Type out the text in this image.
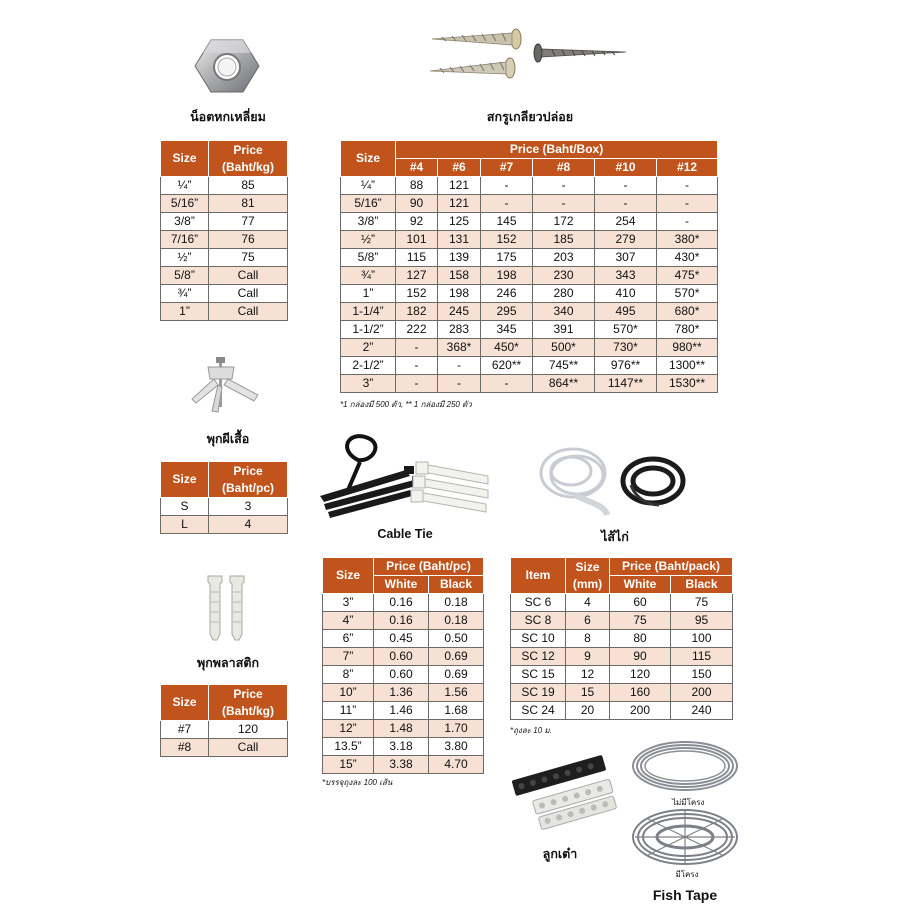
น็อตหกเหลี่ยม	สกรูเกลียวปล่อย
พุกผีเสื้อ
พุกพลาสติก
Cable Tie	ไส้ไก่
ลูกเต๋า
Fish Tape
ไม่มีโครง
มีโครง
Size	Price (Baht/kg)
¼”	85
5/16”	81
3/8”	77
7/16”	76
½”	75
5/8”	Call
¾”	Call
1”	Call
Size	Price (Baht/Box)					
	#4	#6	#7	#8	#10	#12
¼”	88	121	-	-	-	-
5/16”	90	121	-	-	-	-
3/8”	92	125	145	172	254	-
½”	101	131	152	185	279	380*
5/8”	115	139	175	203	307	430*
¾”	127	158	198	230	343	475*
1”	152	198	246	280	410	570*
1-1/4”	182	245	295	340	495	680*
1-1/2”	222	283	345	391	570*	780*
2”	-	368*	450*	500*	730*	980**
2-1/2”	-	-	620**	745**	976**	1300**
3”	-	-	-	864**	1147**	1530**
*1 กล่องมี 500 ตัว, ** 1 กล่องมี 250 ตัว
Size	Price (Baht/pc)
S	3
L	4
Size	Price (Baht/kg)
#7	120
#8	Call
Size	Price (Baht/pc)	
	White	Black
3”	0.16	0.18
4”	0.16	0.18
6”	0.45	0.50
7”	0.60	0.69
8”	0.60	0.69
10”	1.36	1.56
11”	1.46	1.68
12”	1.48	1.70
13.5”	3.18	3.80
15”	3.38	4.70
*บรรจุถุงละ 100 เส้น
Item	Size (mm)	Price (Baht/pack)	
		White	Black
SC 6	4	60	75
SC 8	6	75	95
SC 10	8	80	100
SC 12	9	90	115
SC 15	12	120	150
SC 19	15	160	200
SC 24	20	200	240
*ถุงละ 10 ม.
